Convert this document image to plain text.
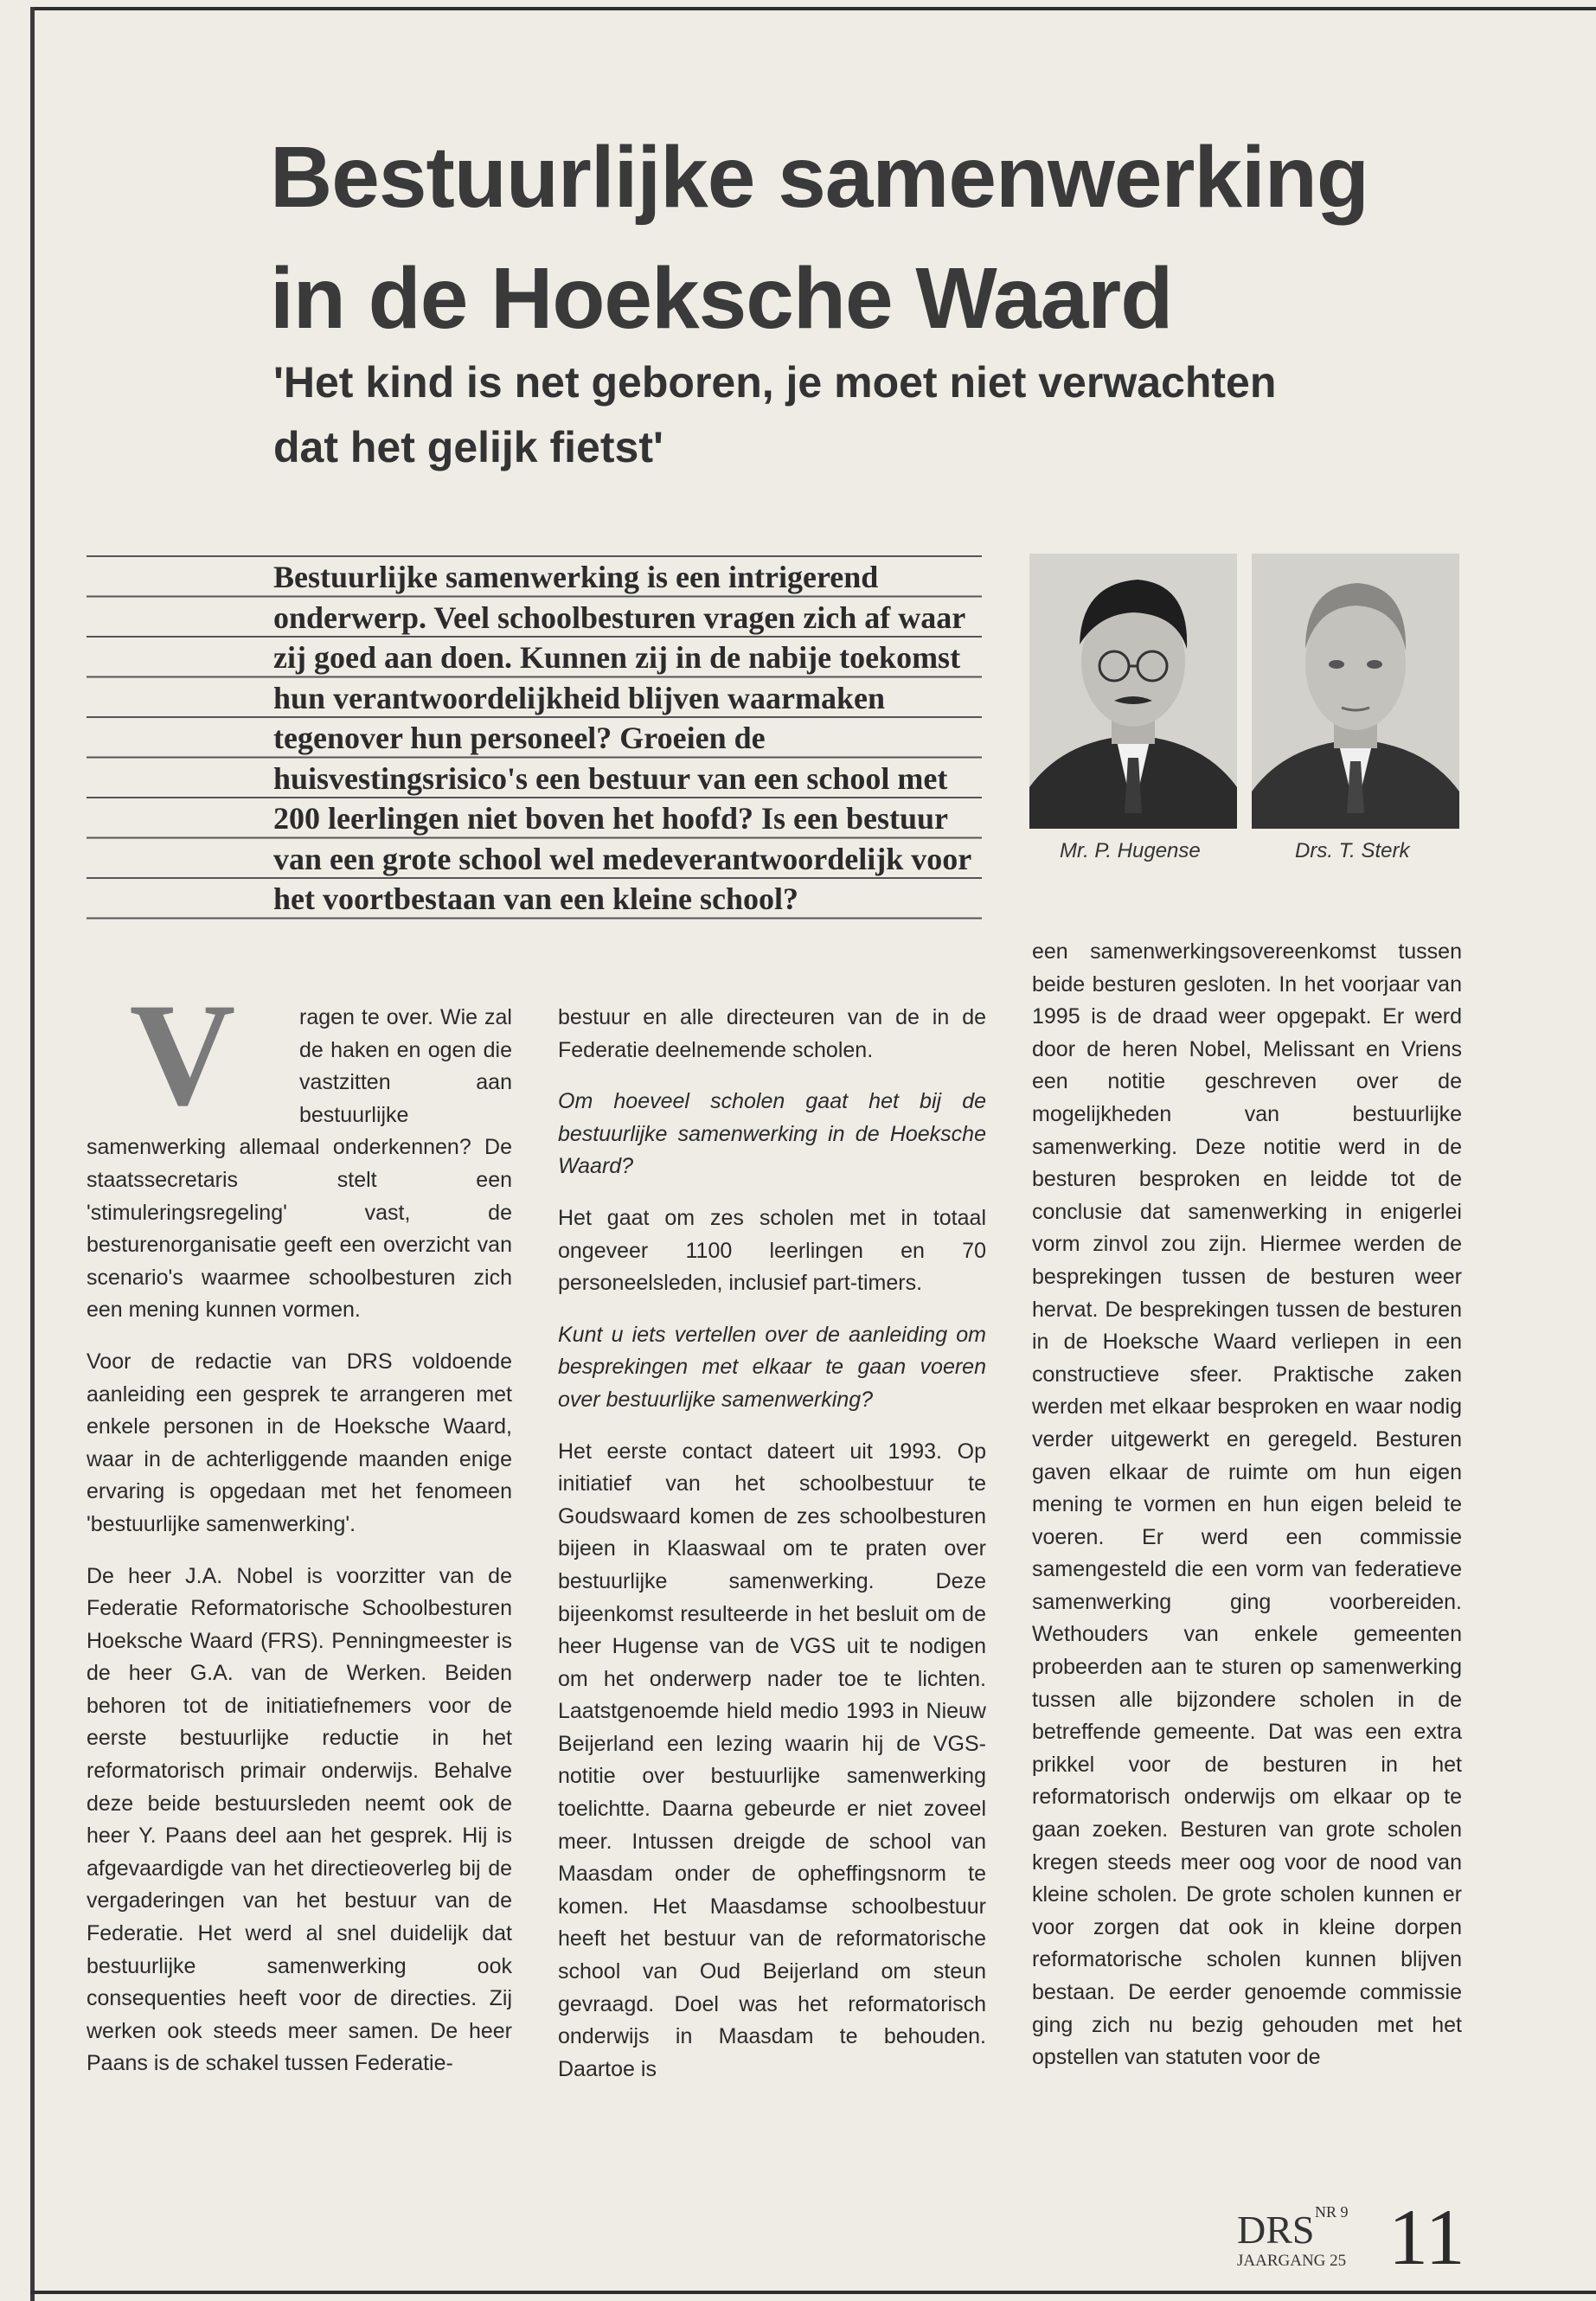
Bestuurlijke samenwerking
in de Hoeksche Waard
'Het kind is net geboren, je moet niet verwachten
dat het gelijk fietst'
Bestuurlijke samenwerking is een intrigerend onderwerp. Veel schoolbesturen vragen zich af waar zij goed aan doen. Kunnen zij in de nabije toekomst hun verantwoordelijkheid blijven waarmaken tegenover hun personeel? Groeien de huisvestingsrisico's een bestuur van een school met 200 leerlingen niet boven het hoofd? Is een bestuur van een grote school wel medeverantwoordelijk voor het voortbestaan van een kleine school?
Mr. P. Hugense	Drs. T. Sterk

V	ragen te over. Wie zal de haken en ogen die vastzitten aan bestuurlijke samenwerking allemaal onderkennen? De staatssecretaris stelt een 'stimuleringsregeling' vast, de besturenorganisatie geeft een overzicht van scenario's waarmee schoolbesturen zich een mening kunnen vormen.

Voor de redactie van DRS voldoende aanleiding een gesprek te arrangeren met enkele personen in de Hoeksche Waard, waar in de achterliggende maanden enige ervaring is opgedaan met het fenomeen 'bestuurlijke samenwerking'.

De heer J.A. Nobel is voorzitter van de Federatie Reformatorische Schoolbesturen Hoeksche Waard (FRS). Penningmeester is de heer G.A. van de Werken. Beiden behoren tot de initiatiefnemers voor de eerste bestuurlijke reductie in het reformatorisch primair onderwijs. Behalve deze beide bestuursleden neemt ook de heer Y. Paans deel aan het gesprek. Hij is afgevaardigde van het directieoverleg bij de vergaderingen van het bestuur van de Federatie. Het werd al snel duidelijk dat bestuurlijke samenwerking ook consequenties heeft voor de directies. Zij werken ook steeds meer samen. De heer Paans is de schakel tussen Federatie-

bestuur en alle directeuren van de in de Federatie deelnemende scholen.

Om hoeveel scholen gaat het bij de bestuurlijke samenwerking in de Hoeksche Waard?

Het gaat om zes scholen met in totaal ongeveer 1100 leerlingen en 70 personeelsleden, inclusief part-timers.

Kunt u iets vertellen over de aanleiding om besprekingen met elkaar te gaan voeren over bestuurlijke samenwerking?

Het eerste contact dateert uit 1993. Op initiatief van het schoolbestuur te Goudswaard komen de zes schoolbesturen bijeen in Klaaswaal om te praten over bestuurlijke samenwerking. Deze bijeenkomst resulteerde in het besluit om de heer Hugense van de VGS uit te nodigen om het onderwerp nader toe te lichten. Laatstgenoemde hield medio 1993 in Nieuw Beijerland een lezing waarin hij de VGS-notitie over bestuurlijke samenwerking toelichtte. Daarna gebeurde er niet zoveel meer. Intussen dreigde de school van Maasdam onder de opheffingsnorm te komen. Het Maasdamse schoolbestuur heeft het bestuur van de reformatorische school van Oud Beijerland om steun gevraagd. Doel was het reformatorisch onderwijs in Maasdam te behouden. Daartoe is

een samenwerkingsovereenkomst tussen beide besturen gesloten. In het voorjaar van 1995 is de draad weer opgepakt. Er werd door de heren Nobel, Melissant en Vriens een notitie geschreven over de mogelijkheden van bestuurlijke samenwerking. Deze notitie werd in de besturen besproken en leidde tot de conclusie dat samenwerking in enigerlei vorm zinvol zou zijn. Hiermee werden de besprekingen tussen de besturen weer hervat. De besprekingen tussen de besturen in de Hoeksche Waard verliepen in een constructieve sfeer. Praktische zaken werden met elkaar besproken en waar nodig verder uitgewerkt en geregeld. Besturen gaven elkaar de ruimte om hun eigen mening te vormen en hun eigen beleid te voeren. Er werd een commissie samengesteld die een vorm van federatieve samenwerking ging voorbereiden. Wethouders van enkele gemeenten probeerden aan te sturen op samenwerking tussen alle bijzondere scholen in de betreffende gemeente. Dat was een extra prikkel voor de besturen in het reformatorisch onderwijs om elkaar op te gaan zoeken. Besturen van grote scholen kregen steeds meer oog voor de nood van kleine scholen. De grote scholen kunnen er voor zorgen dat ook in kleine dorpen reformatorische scholen kunnen blijven bestaan. De eerder genoemde commissie ging zich nu bezig gehouden met het opstellen van statuten voor de

DRS NR 9
JAARGANG 25 11
